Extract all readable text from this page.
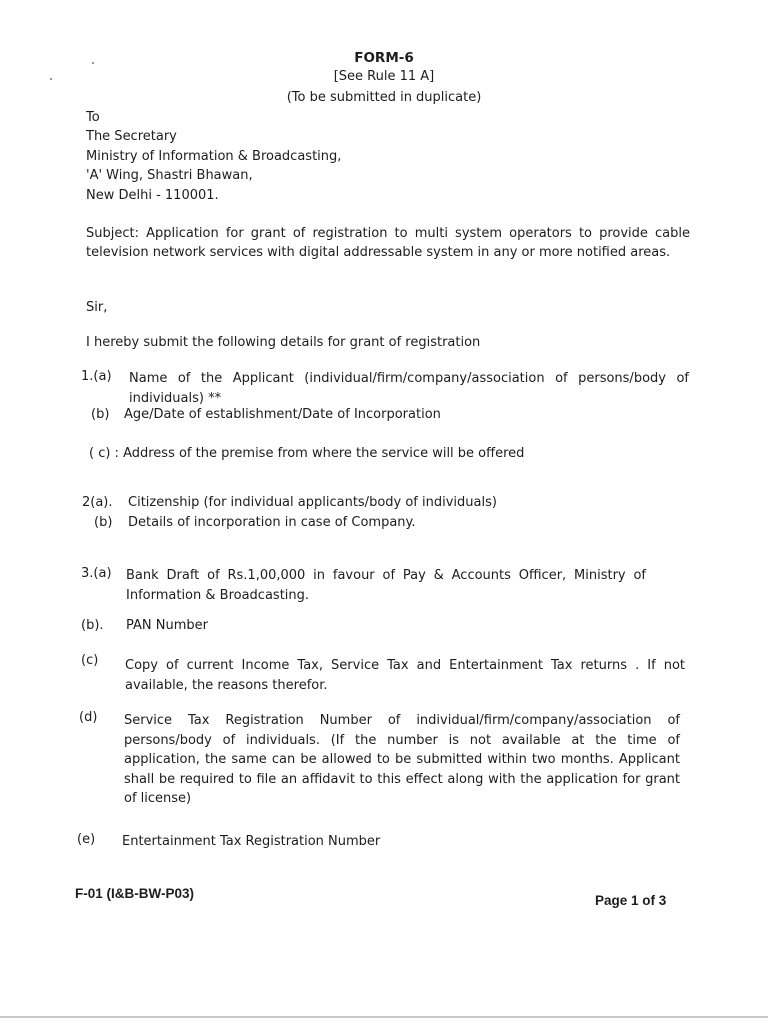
FORM-6
[See Rule 11 A]
(To be submitted in duplicate)
To
The Secretary
Ministry of Information & Broadcasting,
'A' Wing, Shastri Bhawan,
New Delhi - 110001.
Subject: Application for grant of registration to multi system operators to provide cable television network services with digital addressable system in any or more notified areas.
Sir,
I hereby submit the following details for grant of registration
1.(a) Name of the Applicant (individual/firm/company/association of persons/body of individuals) **
(b) Age/Date of establishment/Date of Incorporation
( c) : Address of the premise from where the service will be offered
2(a). Citizenship (for individual applicants/body of individuals)
(b) Details of incorporation in case of Company.
3.(a) Bank Draft of Rs.1,00,000 in favour of Pay & Accounts Officer, Ministry of Information & Broadcasting.
(b). PAN Number
(c) Copy of current Income Tax, Service Tax and Entertainment Tax returns . If not available, the reasons therefor.
(d) Service Tax Registration Number of individual/firm/company/association of persons/body of individuals. (If the number is not available at the time of application, the same can be allowed to be submitted within two months. Applicant shall be required to file an affidavit to this effect along with the application for grant of license)
(e) Entertainment Tax Registration Number
F-01 (I&B-BW-P03)	Page 1 of 3
